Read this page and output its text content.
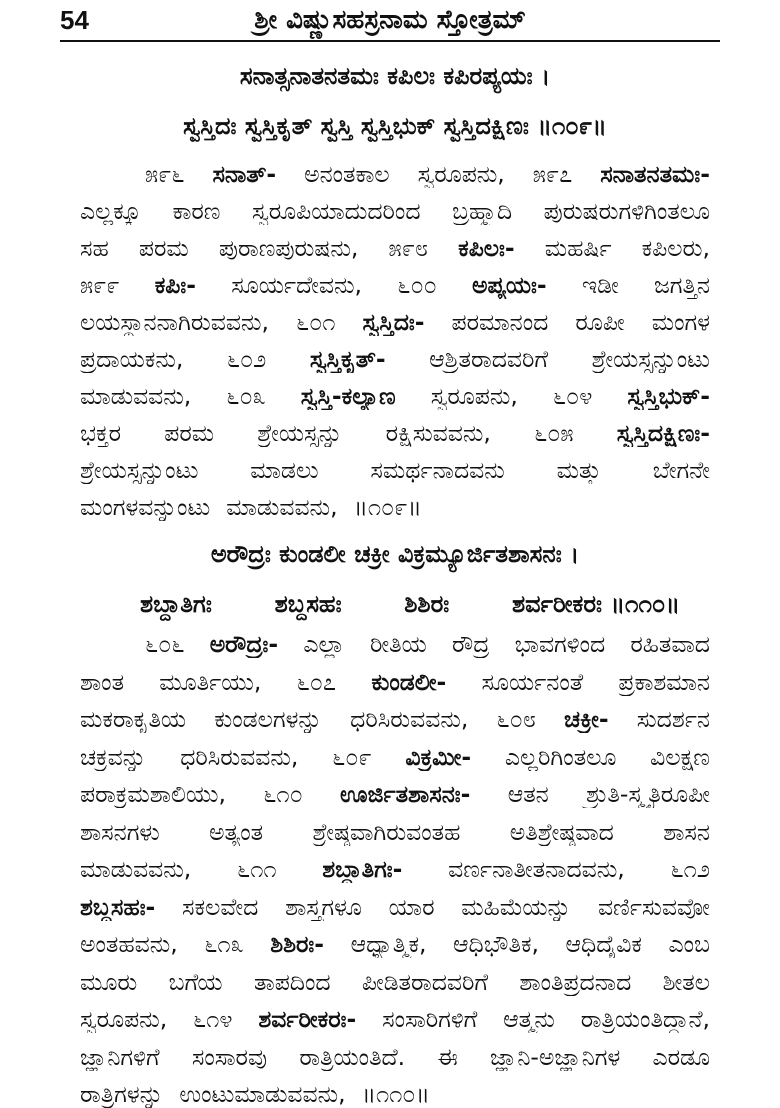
54	ಶ್ರೀ ವಿಷ್ಣುಸಹಸ್ರನಾಮ ಸ್ತೋತ್ರಮ್
ಸನಾತ್ಸನಾತನತಮಃ ಕಪಿಲಃ ಕಪಿರಪ್ಯಯಃ ।
ಸ್ವಸ್ತಿದಃ ಸ್ವಸ್ತಿಕೃತ್ ಸ್ವಸ್ತಿ ಸ್ವಸ್ತಿಭುಕ್ ಸ್ವಸ್ತಿದಕ್ಷಿಣಃ ॥೧೦೯॥
೫೯೬ ಸನಾತ್- ಅನಂತಕಾಲ ಸ್ವರೂಪನು, ೫೯೭ ಸನಾತನತಮಃ-
ಎಲ್ಲಕ್ಕೂ ಕಾರಣ ಸ್ವರೂಪಿಯಾದುದರಿಂದ ಬ್ರಹ್ಮಾದಿ ಪುರುಷರುಗಳಿಗಿಂತಲೂ
ಸಹ ಪರಮ ಪುರಾಣಪುರುಷನು, ೫೯೮ ಕಪಿಲಃ- ಮಹರ್ಷಿ ಕಪಿಲರು,
೫೯೯ ಕಪಿಃ- ಸೂರ್ಯದೇವನು, ೬೦೦ ಅಪ್ಯಯಃ- ಇಡೀ ಜಗತ್ತಿನ
ಲಯಸ್ಥಾನನಾಗಿರುವವನು, ೬೦೧ ಸ್ವಸ್ತಿದಃ- ಪರಮಾನಂದ ರೂಪೀ ಮಂಗಳ
ಪ್ರದಾಯಕನು, ೬೦೨ ಸ್ವಸ್ತಿಕೃತ್- ಆಶ್ರಿತರಾದವರಿಗೆ ಶ್ರೇಯಸ್ಸನ್ನುಂಟು
ಮಾಡುವವನು, ೬೦೩ ಸ್ವಸ್ತಿ-ಕಲ್ಯಾಣ ಸ್ವರೂಪನು, ೬೦೪ ಸ್ವಸ್ತಿಭುಕ್-
ಭಕ್ತರ ಪರಮ ಶ್ರೇಯಸ್ಸನ್ನು ರಕ್ಷಿಸುವವನು, ೬೦೫ ಸ್ವಸ್ತಿದಕ್ಷಿಣಃ-
ಶ್ರೇಯಸ್ಸನ್ನುಂಟು ಮಾಡಲು ಸಮರ್ಥನಾದವನು ಮತ್ತು ಬೇಗನೇ
ಮಂಗಳವನ್ನುಂಟು ಮಾಡುವವನು, ॥೧೦೯॥
ಅರೌದ್ರಃ ಕುಂಡಲೀ ಚಕ್ರೀ ವಿಕ್ರಮ್ಯೂರ್ಜಿತಶಾಸನಃ ।
ಶಬ್ದಾತಿಗಃ	ಶಬ್ದಸಹಃ	ಶಿಶಿರಃ	ಶರ್ವರೀಕರಃ ॥೧೧೦॥
೬೦೬ ಅರೌದ್ರಃ- ಎಲ್ಲಾ ರೀತಿಯ ರೌದ್ರ ಭಾವಗಳಿಂದ ರಹಿತವಾದ
ಶಾಂತ ಮೂರ್ತಿಯು, ೬೦೭ ಕುಂಡಲೀ- ಸೂರ್ಯನಂತೆ ಪ್ರಕಾಶಮಾನ
ಮಕರಾಕೃತಿಯ ಕುಂಡಲಗಳನ್ನು ಧರಿಸಿರುವವನು, ೬೦೮ ಚಕ್ರೀ- ಸುದರ್ಶನ
ಚಕ್ರವನ್ನು ಧರಿಸಿರುವವನು, ೬೦೯ ವಿಕ್ರಮೀ- ಎಲ್ಲರಿಗಿಂತಲೂ ವಿಲಕ್ಷಣ
ಪರಾಕ್ರಮಶಾಲಿಯು, ೬೧೦ ಊರ್ಜಿತಶಾಸನಃ- ಆತನ ಶ್ರುತಿ-ಸ್ಮೃತಿರೂಪೀ
ಶಾಸನಗಳು ಅತ್ಯಂತ ಶ್ರೇಷ್ಠವಾಗಿರುವಂತಹ ಅತಿಶ್ರೇಷ್ಠವಾದ ಶಾಸನ
ಮಾಡುವವನು, ೬೧೧ ಶಬ್ದಾತಿಗಃ- ವರ್ಣನಾತೀತನಾದವನು, ೬೧೨
ಶಬ್ದಸಹಃ- ಸಕಲವೇದ ಶಾಸ್ತ್ರಗಳೂ ಯಾರ ಮಹಿಮೆಯನ್ನು ವರ್ಣಿಸುವವೋ
ಅಂತಹವನು, ೬೧೩ ಶಿಶಿರಃ- ಆಧ್ಯಾತ್ಮಿಕ, ಆಧಿಭೌತಿಕ, ಆಧಿದೈವಿಕ ಎಂಬ
ಮೂರು ಬಗೆಯ ತಾಪದಿಂದ ಪೀಡಿತರಾದವರಿಗೆ ಶಾಂತಿಪ್ರದನಾದ ಶೀತಲ
ಸ್ವರೂಪನು, ೬೧೪ ಶರ್ವರೀಕರಃ- ಸಂಸಾರಿಗಳಿಗೆ ಆತ್ಮನು ರಾತ್ರಿಯಂತಿದ್ದಾನೆ,
ಜ್ಞಾನಿಗಳಿಗೆ ಸಂಸಾರವು ರಾತ್ರಿಯಂತಿದೆ. ಈ ಜ್ಞಾನಿ-ಅಜ್ಞಾನಿಗಳ ಎರಡೂ
ರಾತ್ರಿಗಳನ್ನು ಉಂಟುಮಾಡುವವನು, ॥೧೧೦॥
